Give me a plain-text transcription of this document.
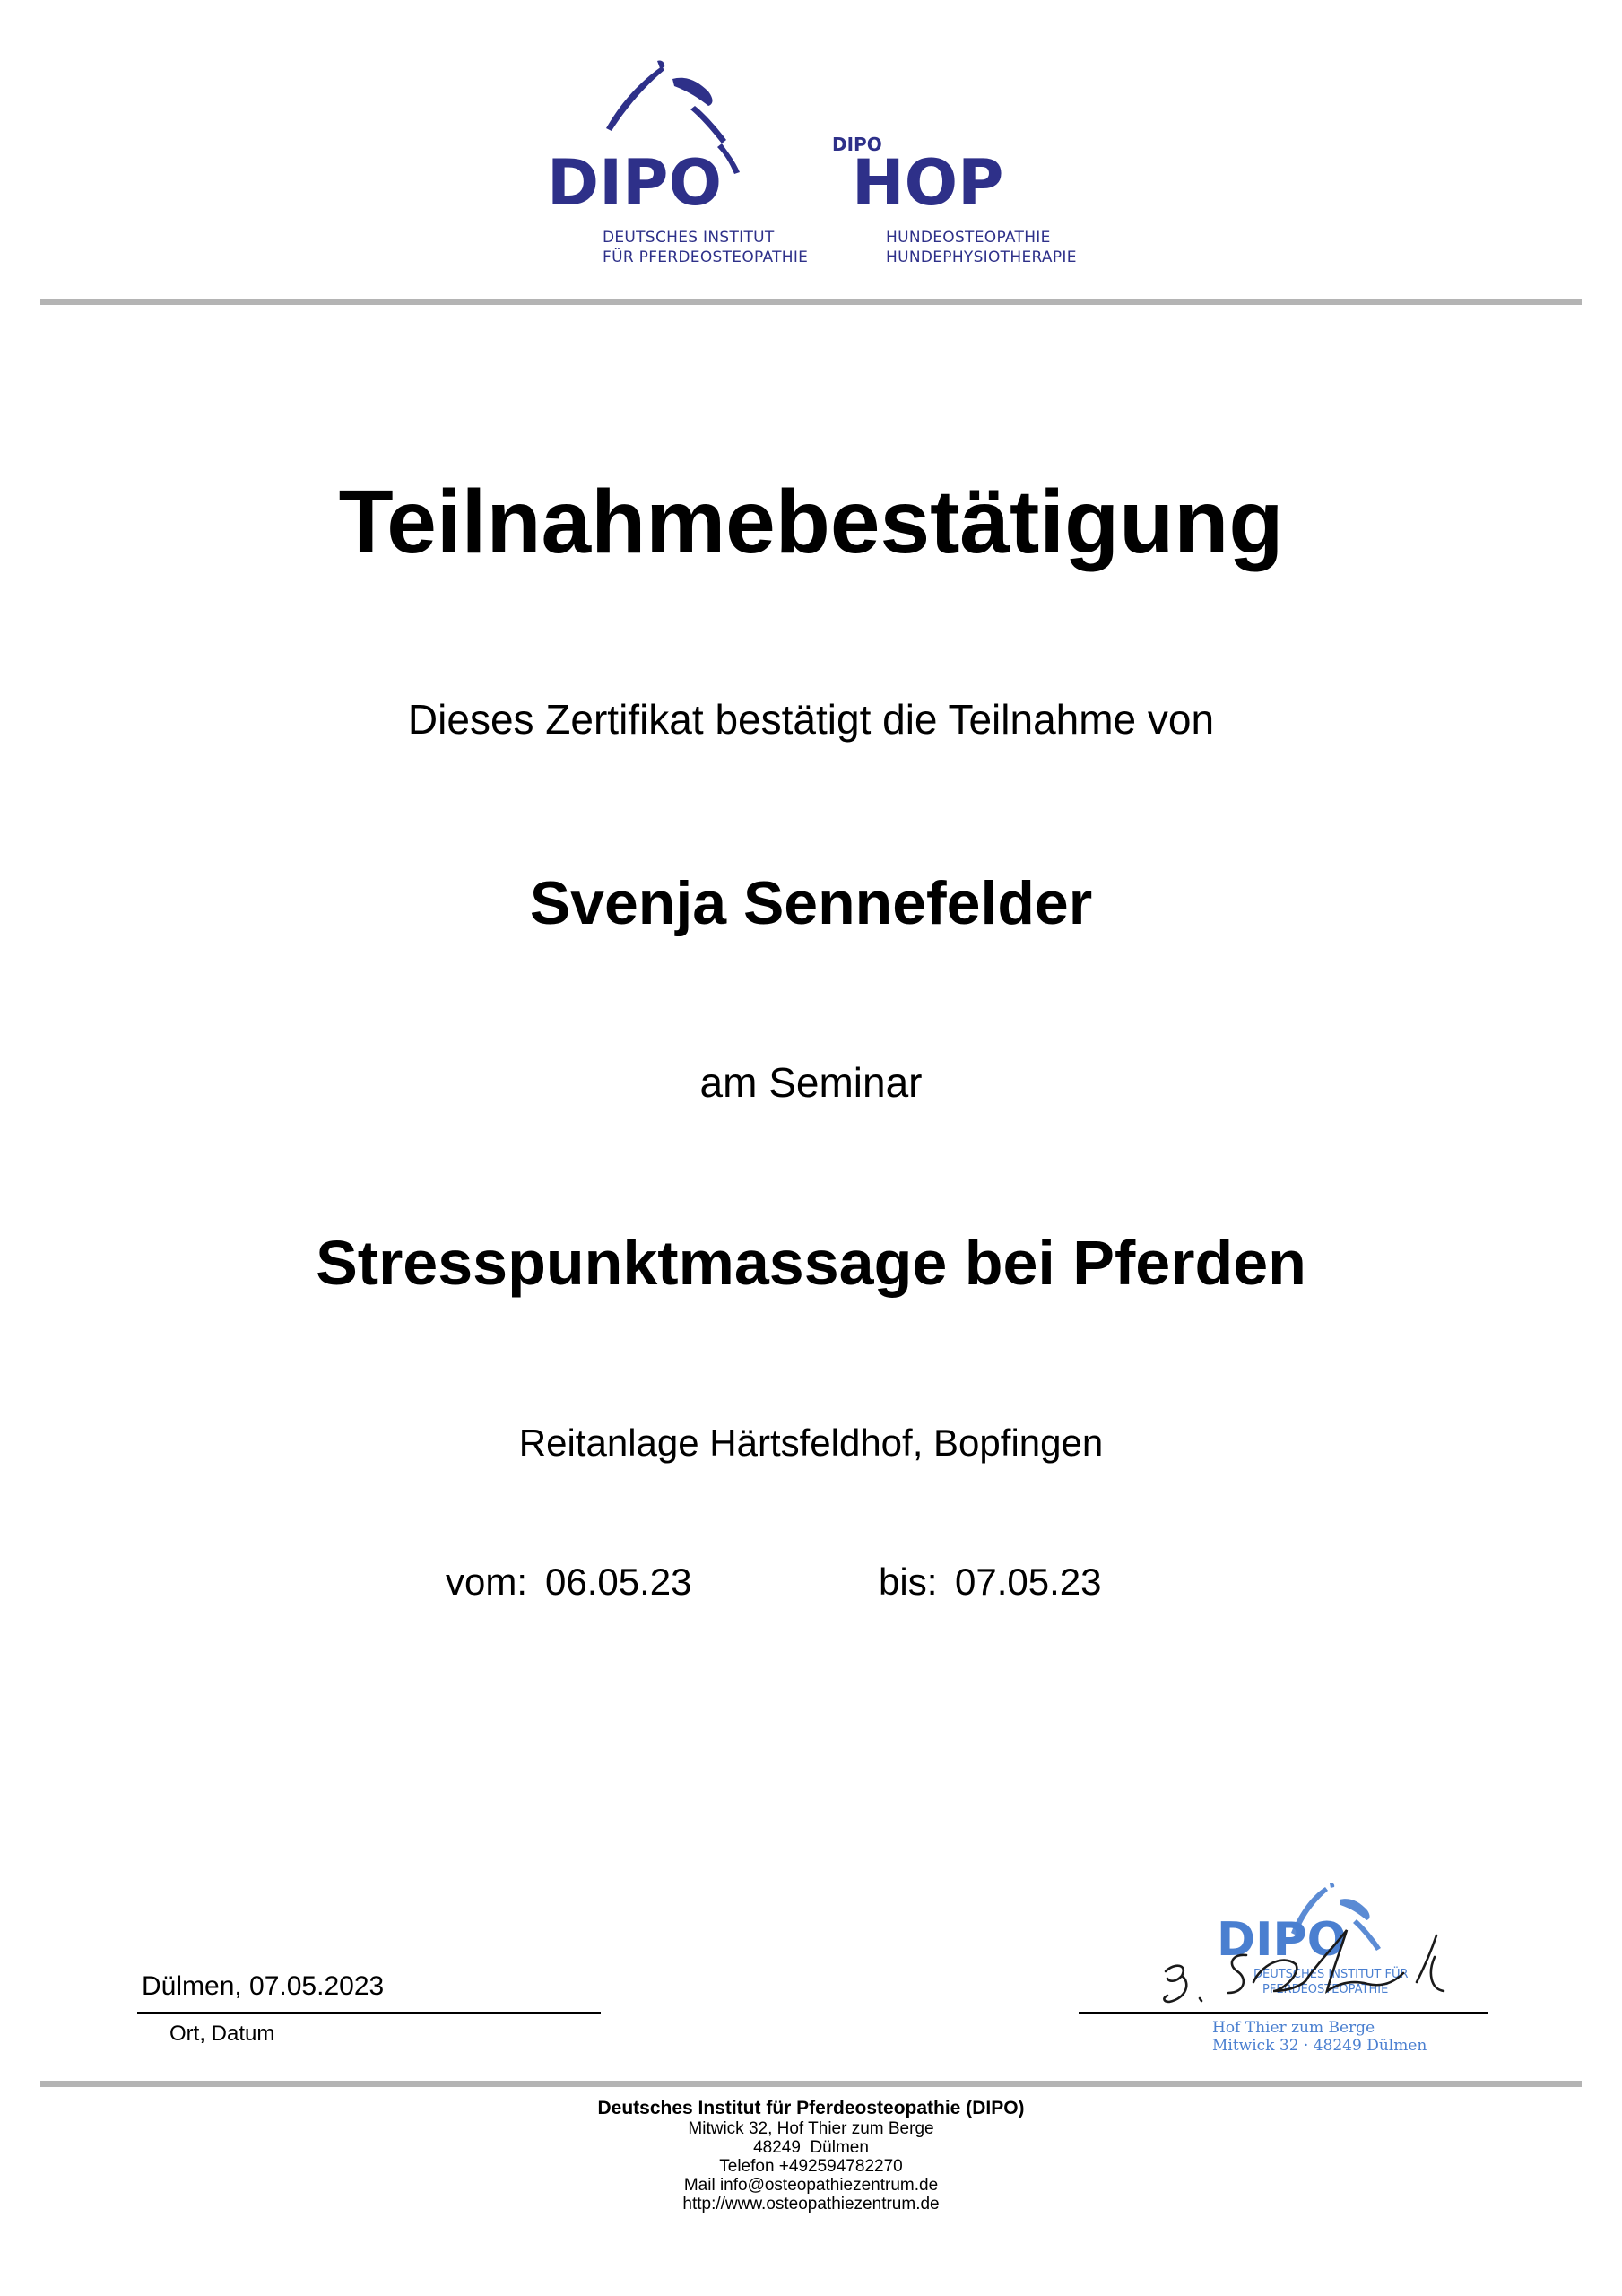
DIPO
DEUTSCHES INSTITUT
FÜR PFERDEOSTEOPATHIE
DIPO
HOP
HUNDEOSTEOPATHIE
HUNDEPHYSIOTHERAPIE
Teilnahmebestätigung
Dieses Zertifikat bestätigt die Teilnahme von
Svenja Sennefelder
am Seminar
Stresspunktmassage bei Pferden
Reitanlage Härtsfeldhof, Bopfingen
vom: 06.05.23	bis: 07.05.23
Dülmen, 07.05.2023
Ort, Datum
DIPO
DEUTSCHES INSTITUT FÜR
PFERDEOSTEOPATHIE
Hof Thier zum Berge
Mitwick 32 · 48249 Dülmen
Deutsches Institut für Pferdeosteopathie (DIPO)
Mitwick 32, Hof Thier zum Berge
48249  Dülmen
Telefon +492594782270
Mail info@osteopathiezentrum.de
http://www.osteopathiezentrum.de
